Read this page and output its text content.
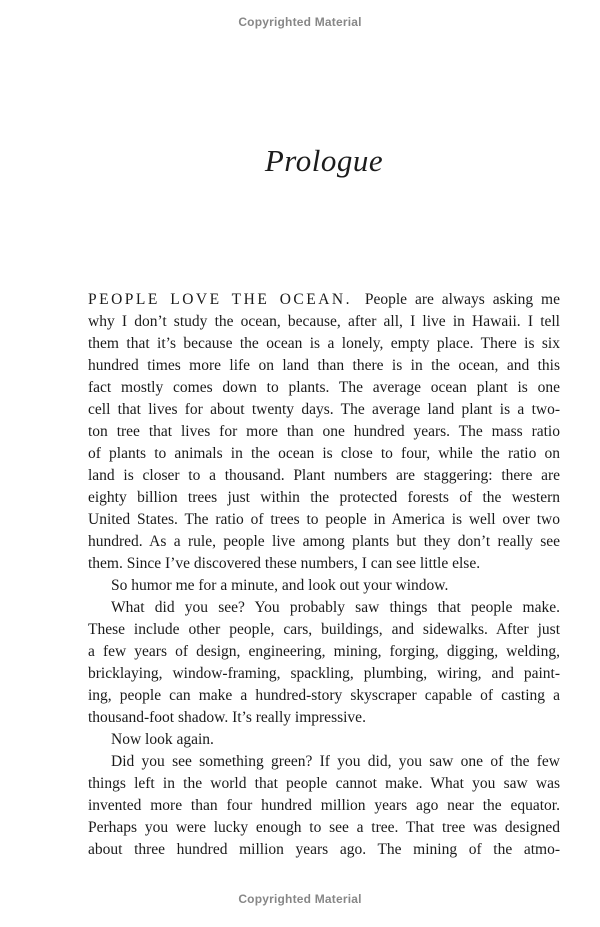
Copyrighted Material
Prologue
PEOPLE LOVE THE OCEAN. People are always asking me
why I don’t study the ocean, because, after all, I live in Hawaii. I tell
them that it’s because the ocean is a lonely, empty place. There is six
hundred times more life on land than there is in the ocean, and this
fact mostly comes down to plants. The average ocean plant is one
cell that lives for about twenty days. The average land plant is a two-
ton tree that lives for more than one hundred years. The mass ratio
of plants to animals in the ocean is close to four, while the ratio on
land is closer to a thousand. Plant numbers are staggering: there are
eighty billion trees just within the protected forests of the western
United States. The ratio of trees to people in America is well over two
hundred. As a rule, people live among plants but they don’t really see
them. Since I’ve discovered these numbers, I can see little else.
So humor me for a minute, and look out your window.
What did you see? You probably saw things that people make.
These include other people, cars, buildings, and sidewalks. After just
a few years of design, engineering, mining, forging, digging, welding,
bricklaying, window-framing, spackling, plumbing, wiring, and paint-
ing, people can make a hundred-story skyscraper capable of casting a
thousand-foot shadow. It’s really impressive.
Now look again.
Did you see something green? If you did, you saw one of the few
things left in the world that people cannot make. What you saw was
invented more than four hundred million years ago near the equator.
Perhaps you were lucky enough to see a tree. That tree was designed
about three hundred million years ago. The mining of the atmo-
Copyrighted Material
